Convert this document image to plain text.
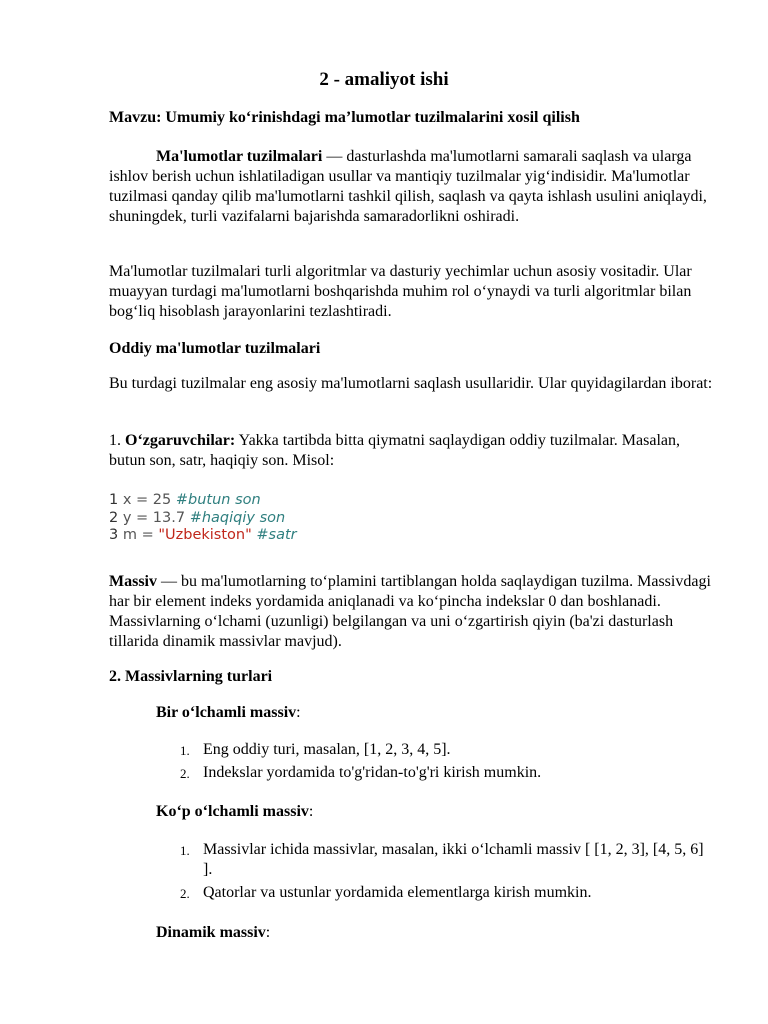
2 - amaliyot ishi

Mavzu: Umumiy ko‘rinishdagi ma’lumotlar tuzilmalarini xosil qilish

Ma'lumotlar tuzilmalari — dasturlashda ma'lumotlarni samarali saqlash va ularga ishlov berish uchun ishlatiladigan usullar va mantiqiy tuzilmalar yig‘indisidir. Ma'lumotlar tuzilmasi qanday qilib ma'lumotlarni tashkil qilish, saqlash va qayta ishlash usulini aniqlaydi, shuningdek, turli vazifalarni bajarishda samaradorlikni oshiradi.

Ma'lumotlar tuzilmalari turli algoritmlar va dasturiy yechimlar uchun asosiy vositadir. Ular muayyan turdagi ma'lumotlarni boshqarishda muhim rol o‘ynaydi va turli algoritmlar bilan bog‘liq hisoblash jarayonlarini tezlashtiradi.

Oddiy ma'lumotlar tuzilmalari

Bu turdagi tuzilmalar eng asosiy ma'lumotlarni saqlash usullaridir. Ular quyidagilardan iborat:

1. O‘zgaruvchilar: Yakka tartibda bitta qiymatni saqlaydigan oddiy tuzilmalar. Masalan, butun son, satr, haqiqiy son. Misol:

1 x = 25 #butun son
2 y = 13.7 #haqiqiy son
3 m = "Uzbekiston" #satr

Massiv — bu ma'lumotlarning to‘plamini tartiblangan holda saqlaydigan tuzilma. Massivdagi har bir element indeks yordamida aniqlanadi va ko‘pincha indekslar 0 dan boshlanadi. Massivlarning o‘lchami (uzunligi) belgilangan va uni o‘zgartirish qiyin (ba'zi dasturlash tillarida dinamik massivlar mavjud).

2. Massivlarning turlari

Bir o‘lchamli massiv:

1. Eng oddiy turi, masalan, [1, 2, 3, 4, 5].
2. Indekslar yordamida to'g'ridan-to'g'ri kirish mumkin.

Ko‘p o‘lchamli massiv:

1. Massivlar ichida massivlar, masalan, ikki o‘lchamli massiv [ [1, 2, 3], [4, 5, 6] ].
2. Qatorlar va ustunlar yordamida elementlarga kirish mumkin.

Dinamik massiv:
